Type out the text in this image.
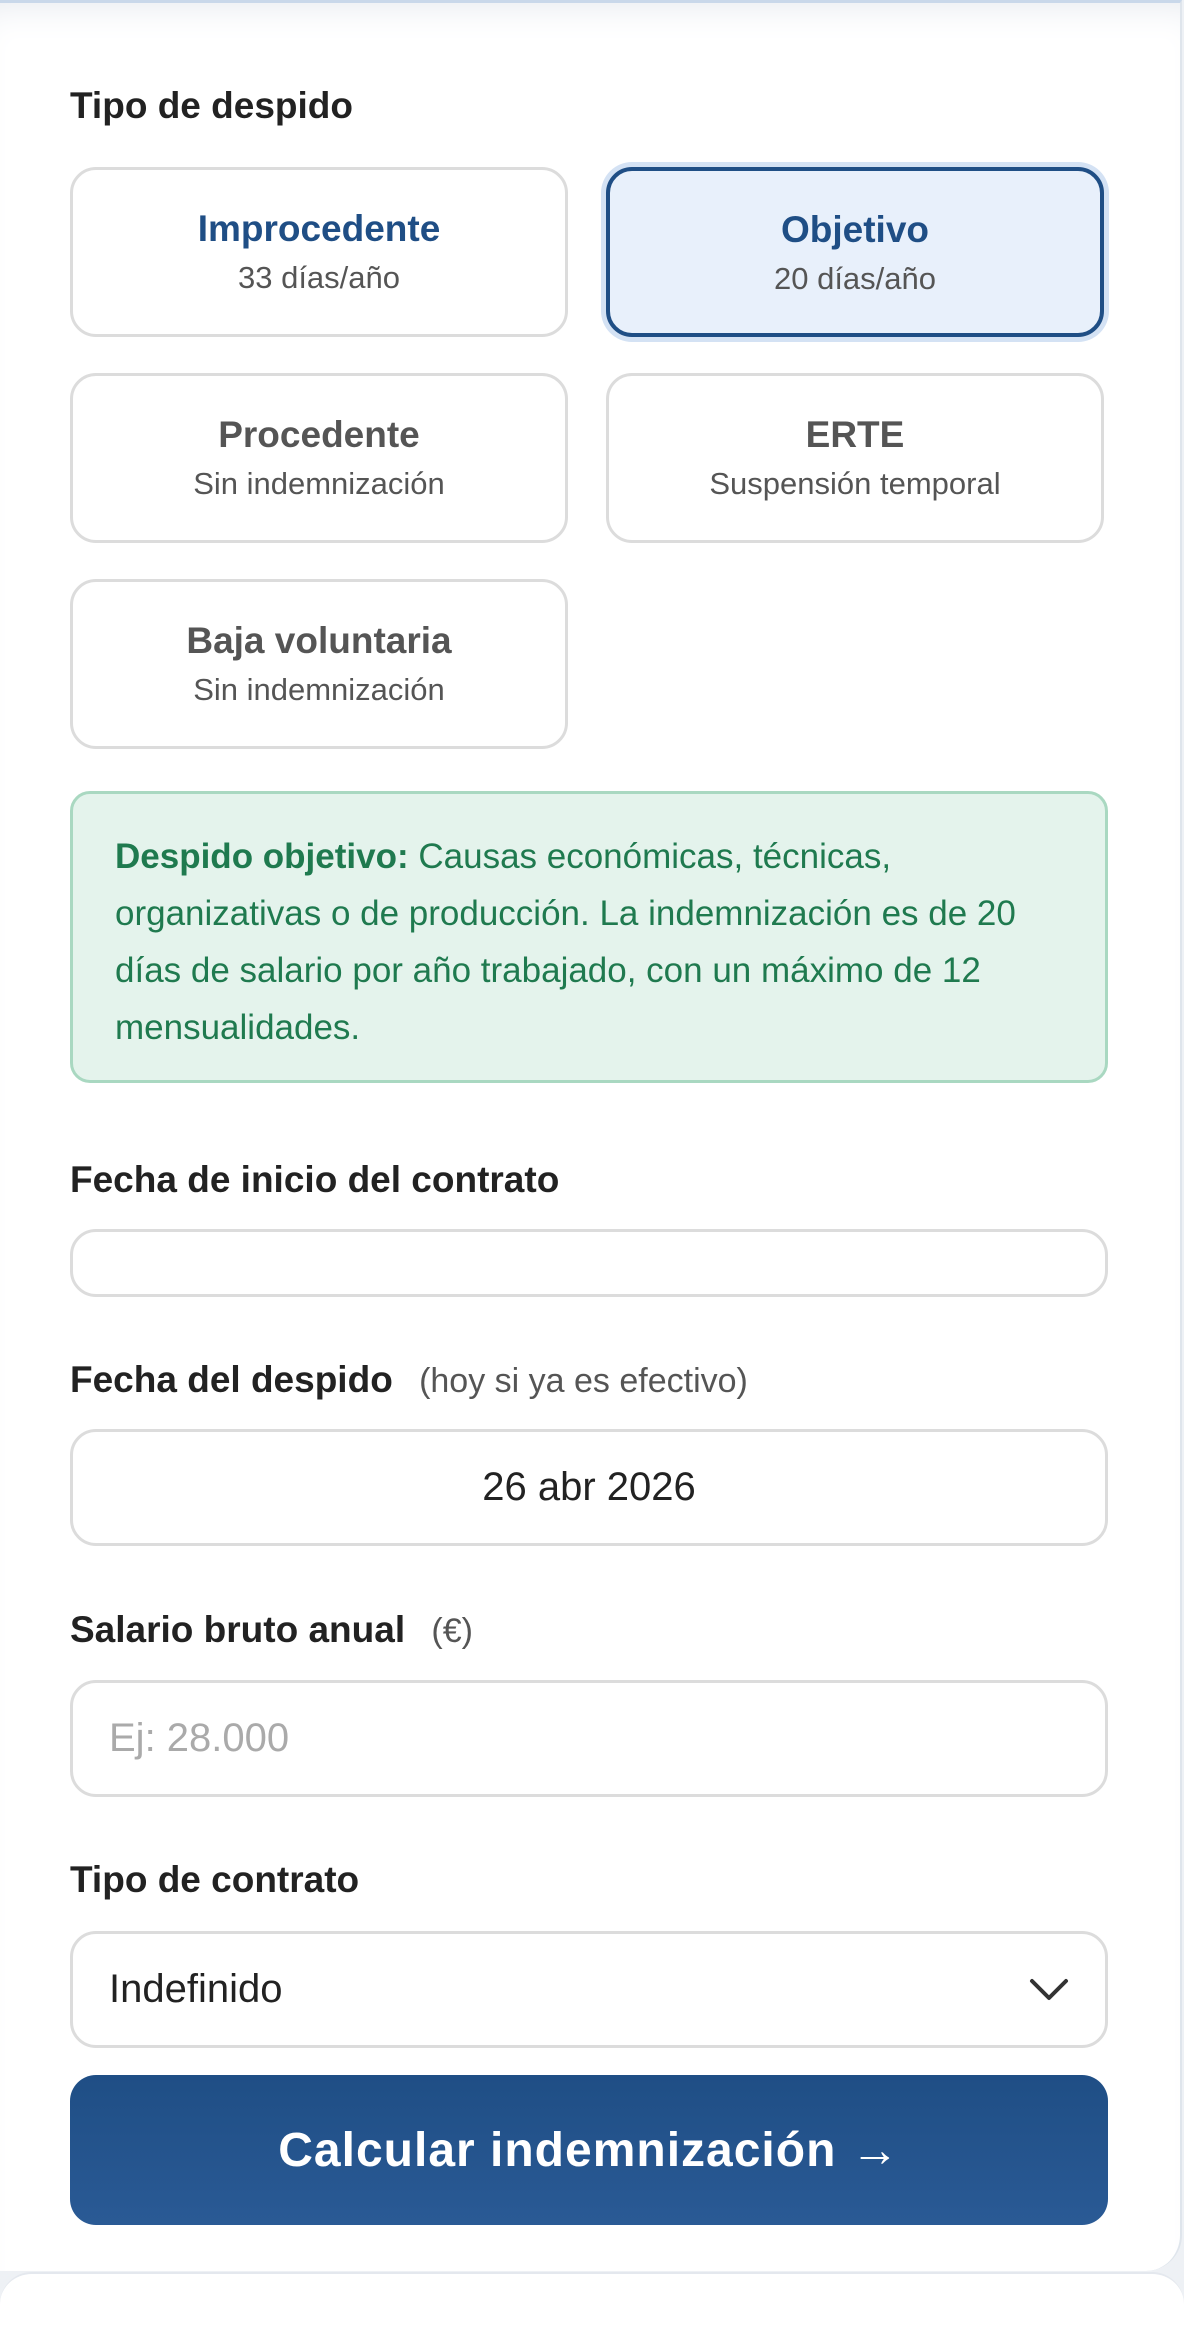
Tipo de despido
Improcedente
33 días/año
Objetivo
20 días/año
Procedente
Sin indemnización
ERTE
Suspensión temporal
Baja voluntaria
Sin indemnización
Despido objetivo: Causas económicas, técnicas, organizativas o de producción. La indemnización es de 20 días de salario por año trabajado, con un máximo de 12 mensualidades.
Fecha de inicio del contrato
Fecha del despido (hoy si ya es efectivo)
26 abr 2026
Salario bruto anual (€)
Ej: 28.000
Tipo de contrato
Indefinido
Calcular indemnización →
